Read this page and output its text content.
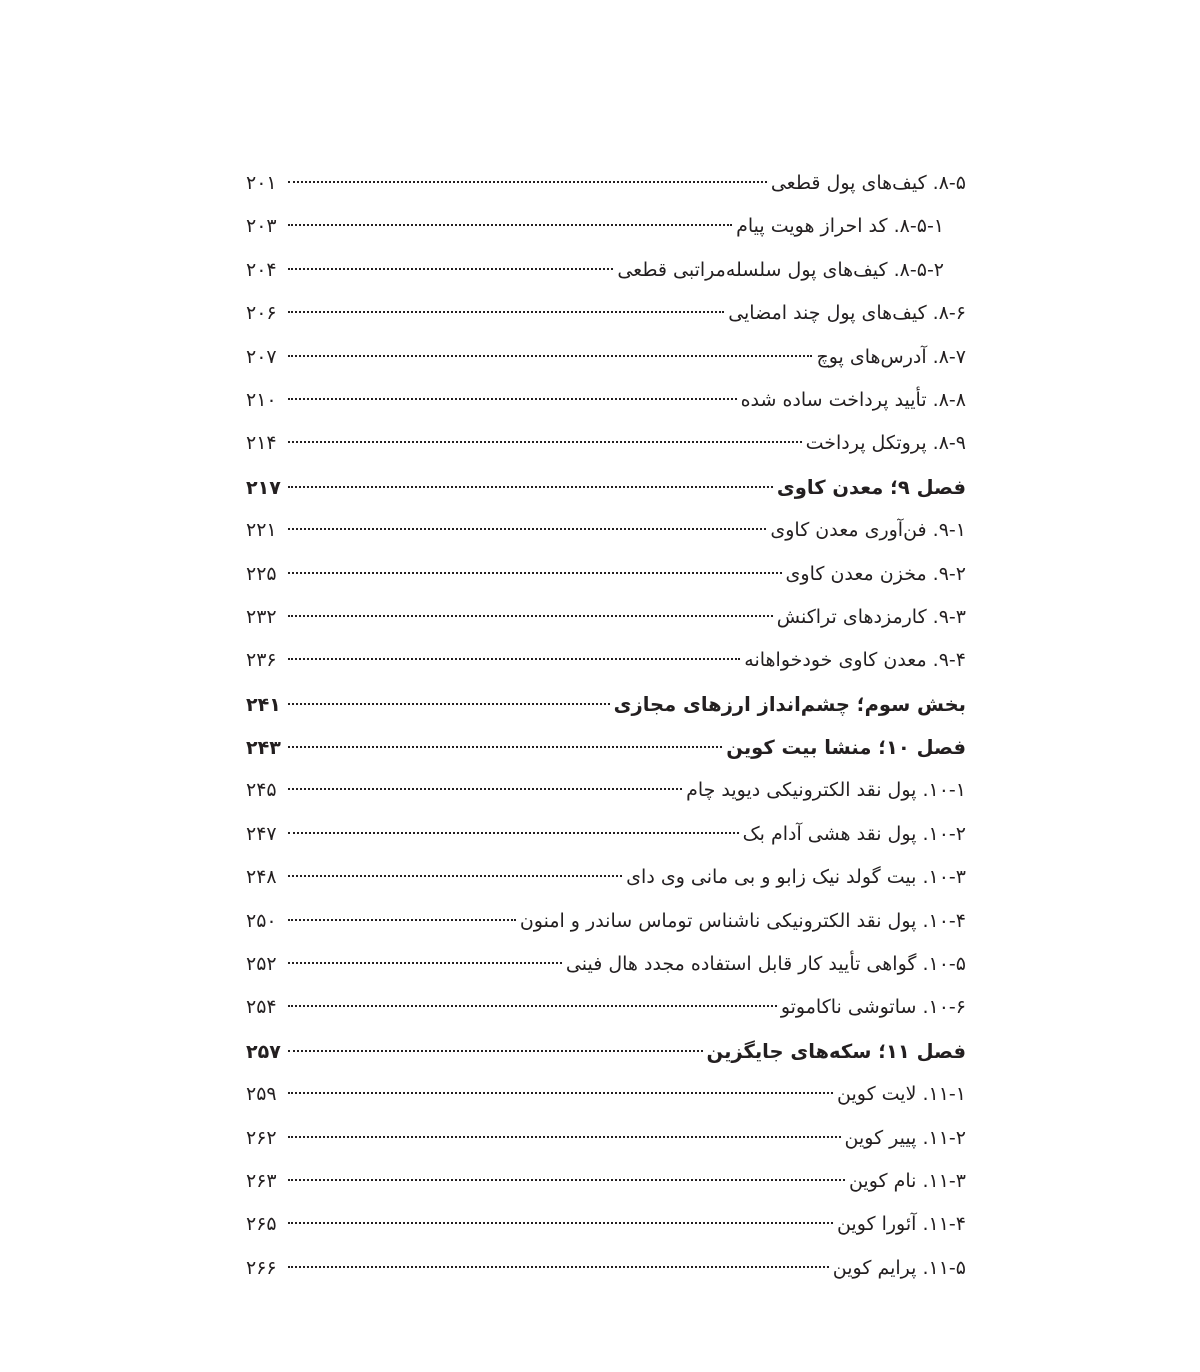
۸-۵. کیف‌های پول قطعی
۲۰۱
۸-۵-۱. کد احراز هویت پیام
۲۰۳
۸-۵-۲. کیف‌های پول سلسله‌مراتبی قطعی
۲۰۴
۸-۶. کیف‌های پول چند امضایی
۲۰۶
۸-۷. آدرس‌های پوچ
۲۰۷
۸-۸. تأیید پرداخت ساده شده
۲۱۰
۸-۹. پروتکل پرداخت
۲۱۴
فصل ۹؛ معدن کاوی
۲۱۷
۹-۱. فن‌آوری معدن کاوی
۲۲۱
۹-۲. مخزن معدن کاوی
۲۲۵
۹-۳. کارمزدهای تراکنش
۲۳۲
۹-۴. معدن کاوی خودخواهانه
۲۳۶
بخش سوم؛ چشم‌انداز ارزهای مجازی
۲۴۱
فصل ۱۰؛ منشا بیت کوین
۲۴۳
۱۰-۱. پول نقد الکترونیکی دیوید چام
۲۴۵
۱۰-۲. پول نقد هشی آدام بک
۲۴۷
۱۰-۳. بیت گولد نیک زابو و بی مانی وی دای
۲۴۸
۱۰-۴. پول نقد الکترونیکی ناشناس توماس ساندر و امنون
۲۵۰
۱۰-۵. گواهی تأیید کار قابل استفاده مجدد هال فینی
۲۵۲
۱۰-۶. ساتوشی ناکاموتو
۲۵۴
فصل ۱۱؛ سکه‌های جایگزین
۲۵۷
۱۱-۱. لایت کوین
۲۵۹
۱۱-۲. پییر کوین
۲۶۲
۱۱-۳. نام کوین
۲۶۳
۱۱-۴. آئورا کوین
۲۶۵
۱۱-۵. پرایم کوین
۲۶۶
